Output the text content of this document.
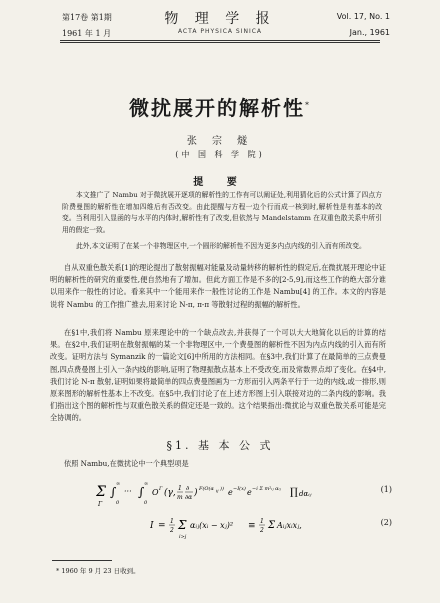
第17卷 第1期
1961 年 1 月
物 理 学 报
ACTA PHYSICA SINICA
Vol. 17, No. 1
Jan., 1961
微扰展开的解析性*
张 宗 燧
(中 国 科 学 院)
提 要
本文推广了 Nambu 对于微扰展开逐项的解析性的工作有可以阐证处,利用猜化后的公式计算了四点方阶费曼图的解析性在增加四维后有否改变。由此提醒与方程一边个行而成一核到时,解析性是有基本的改变。当利用引入显函的与水平的内体时,解析性有了改变,但依然与 Mandelstamm 在双重色散关系中所引用的假定一致。
此外,本文证明了在某一个非物理区中,一个圆形的解析性不因为更多内点内线的引入而有所改变。
自从双重色散关系[1]的理论提出了散射振幅对能量及动量转移的解析性的假定后,在微扰展开理论中证明的解析性的研究的重要性,便自然地有了增加。但此方面工作是不多的[2-5,9],而这些工作的绝大部分谁以用来作一般性的讨论。看来其中一个能用来作一般性讨论的工作是 Nambu[4] 的工作。本文的内容是说将 Nambu 的工作推广推去,用来讨论 N-π, π-π 等散射过程的振幅的解析性。
在§1中,我们将 Nambu 原来理论中的一个缺点改去,并获得了一个可以大大地简化以后的计算的结果。在§2中,我们证明在散射振幅的某一个非物理区中,一个费曼图的解析性不因为内点内线的引入而有所改变。证明方法与 Symanzik 的一篇论文[6]中所用的方法相同。在§3中,我们计算了在最简单的三点费曼图,四点费曼图上引入一条内线的影响,证明了物理振散点基本上不受改变,而及常数界点却了变化。在§4中,我们讨论 N-π 散射,证明如果将最简单的四点费曼图画为一方形而引入两条平行于一边的内线,或一排形,则原来图形的解析性基本上不改变。在§5中,我们讨论了在上述方形图上引入联接对边的二条内线的影响。我们指出这个图的解析性与双重色散关系的假定还是一致的。这个结果指出:微扰论与双重色散关系可能是完全协调的。
§1. 基 本 公 式
依照 Nambu,在微扰论中一个典型项是
Σ
Γ
∫
0
∞
··· ∫
0
∞
O Γ (γ, 1
m
∂
∂α ) F(O(α ij )) e −I(x) e −i Σ m²ᵢⱼ αᵢⱼ ∏ dαᵢⱼ	(1)
I = 1
2 Σ
i>j
αᵢⱼ(xᵢ − xⱼ)² ≡ 1
2 Σ Aᵢⱼxᵢxⱼ,	(2)
* 1960 年 9 月 23 日收到。
